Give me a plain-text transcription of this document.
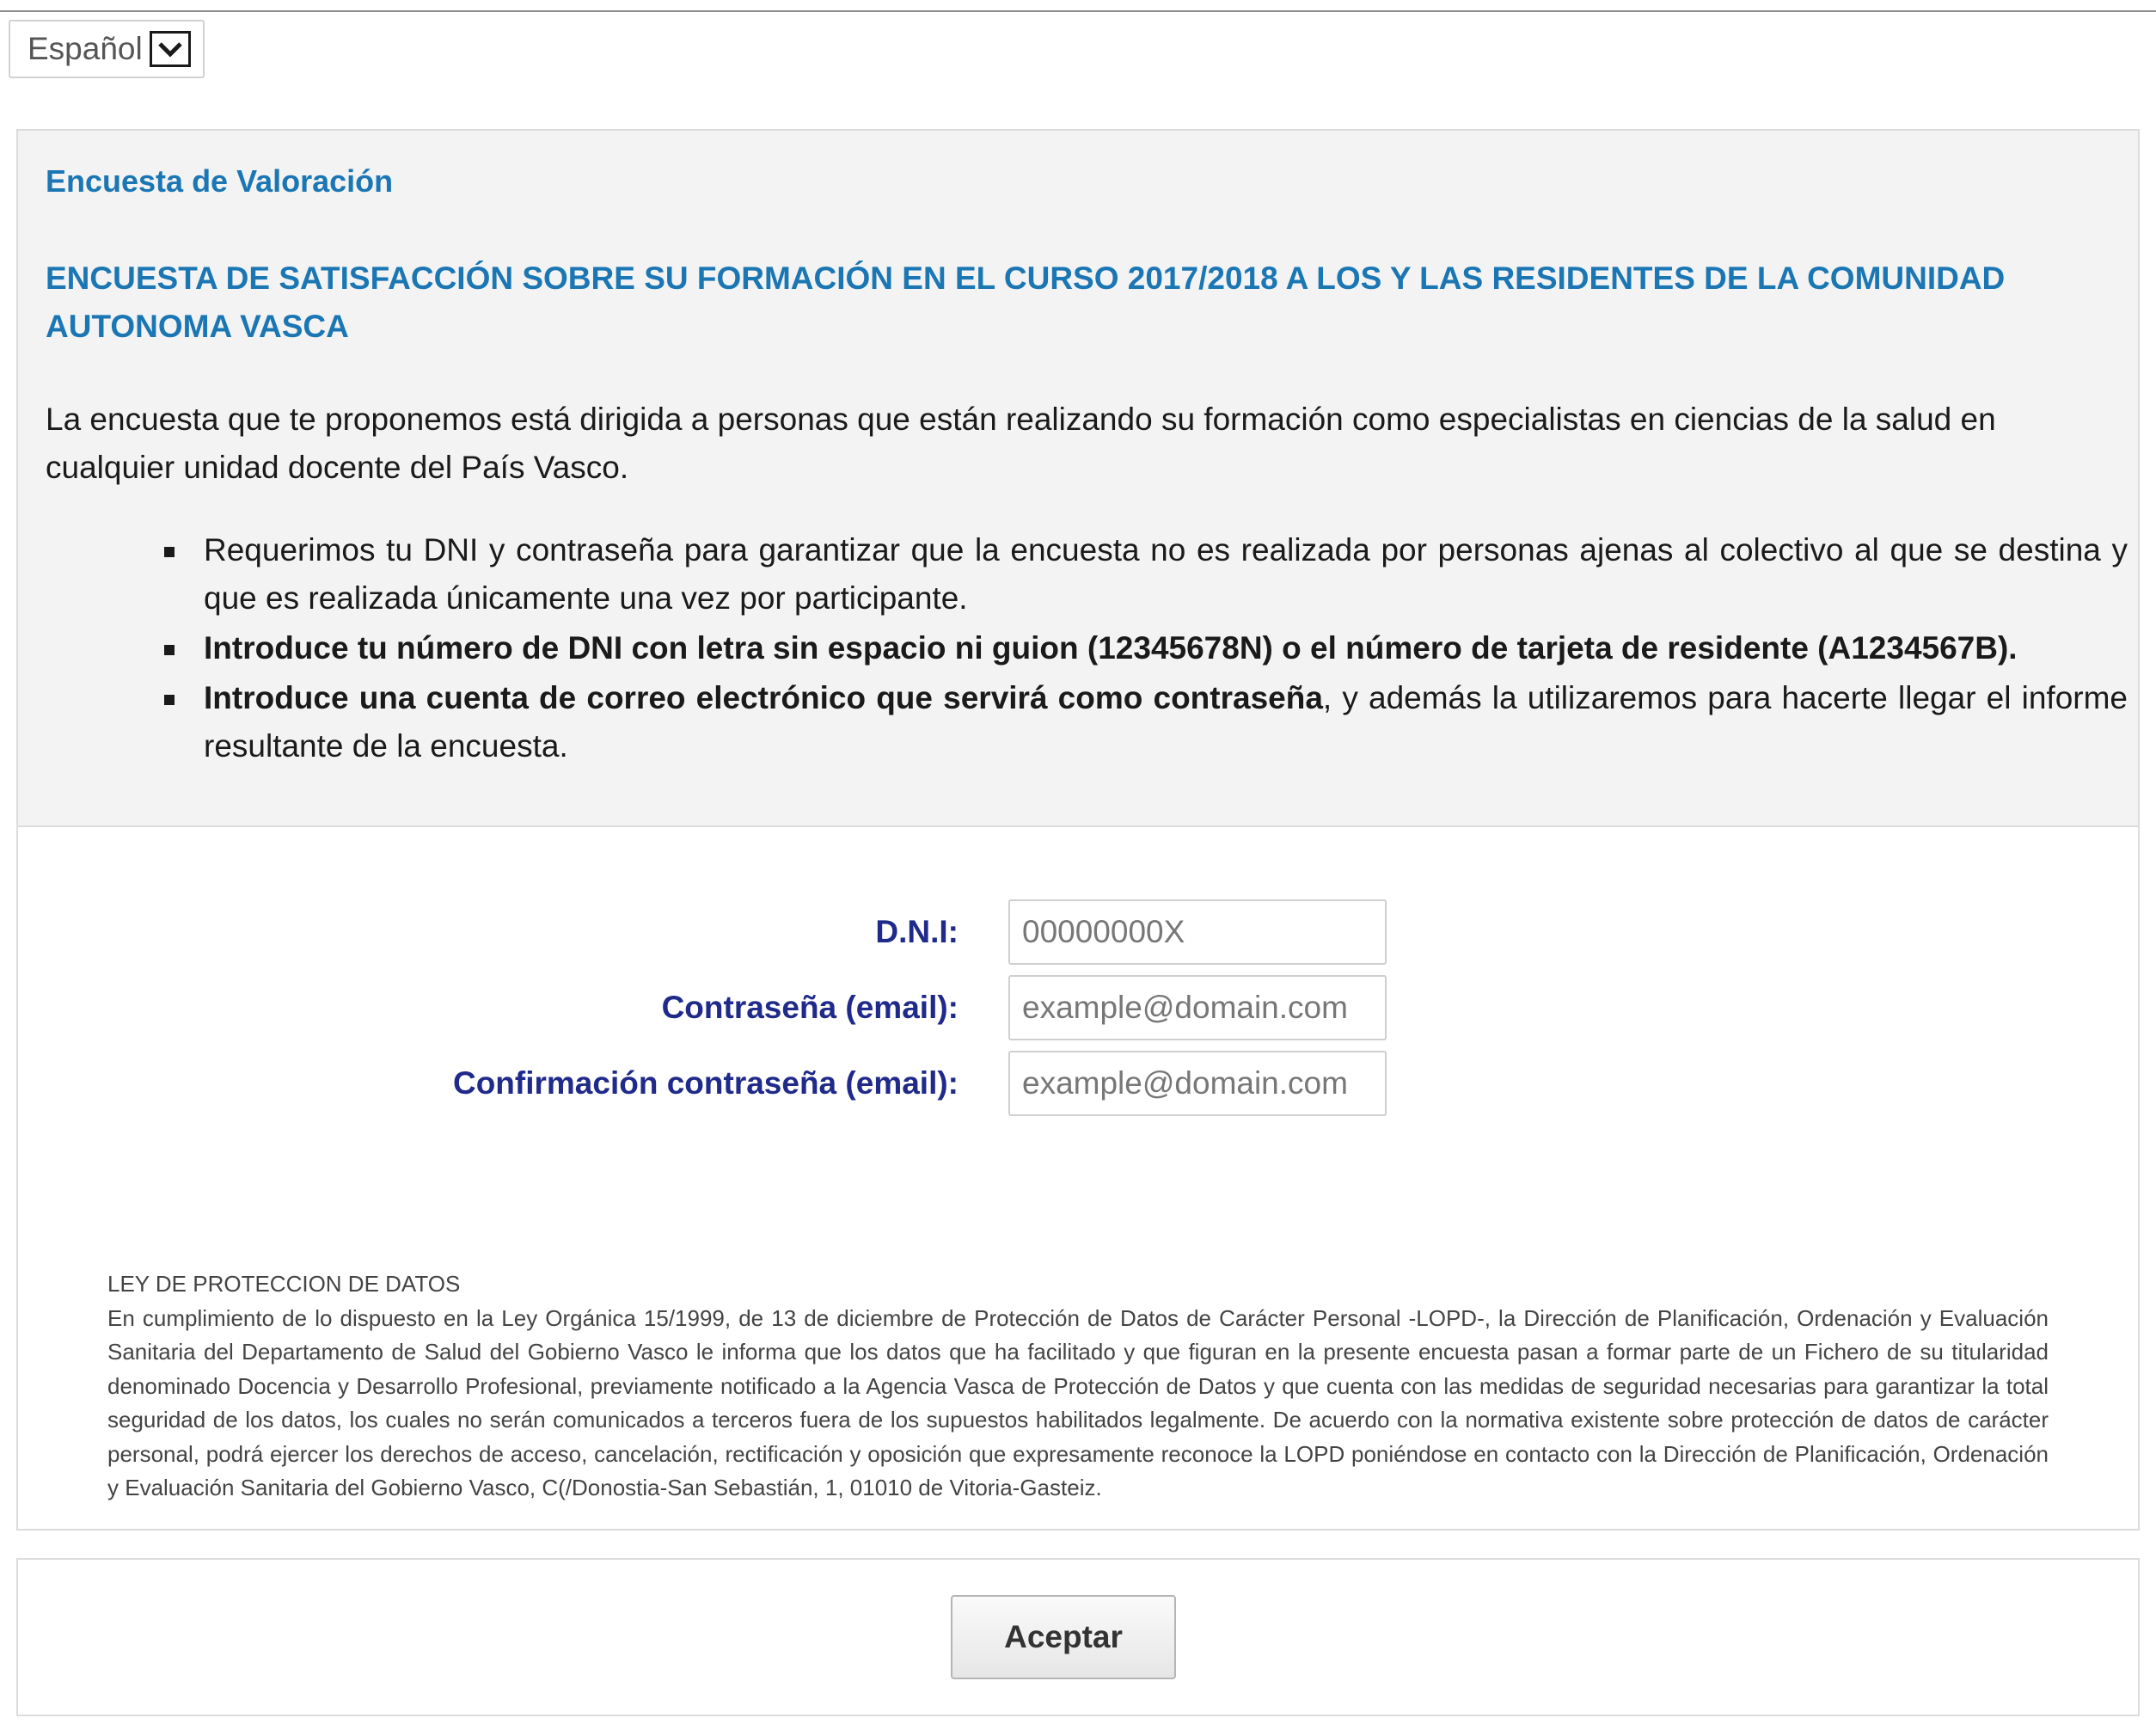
Español
Encuesta de Valoración
ENCUESTA DE SATISFACCIÓN SOBRE SU FORMACIÓN EN EL CURSO 2017/2018 A LOS Y LAS RESIDENTES DE LA COMUNIDAD AUTONOMA VASCA

La encuesta que te proponemos está dirigida a personas que están realizando su formación como especialistas en ciencias de la salud en cualquier unidad docente del País Vasco.

Requerimos tu DNI y contraseña para garantizar que la encuesta no es realizada por personas ajenas al colectivo al que se destina y que es realizada únicamente una vez por participante.
Introduce tu número de DNI con letra sin espacio ni guion (12345678N) o el número de tarjeta de residente (A1234567B).
Introduce una cuenta de correo electrónico que servirá como contraseña, y además la utilizaremos para hacerte llegar el informe resultante de la encuesta.
D.N.I:
00000000X
Contraseña (email):
example@domain.com
Confirmación contraseña (email):
example@domain.com
LEY DE PROTECCION DE DATOS
En cumplimiento de lo dispuesto en la Ley Orgánica 15/1999, de 13 de diciembre de Protección de Datos de Carácter Personal -LOPD-, la Dirección de Planificación, Ordenación y Evaluación Sanitaria del Departamento de Salud del Gobierno Vasco le informa que los datos que ha facilitado y que figuran en la presente encuesta pasan a formar parte de un Fichero de su titularidad denominado Docencia y Desarrollo Profesional, previamente notificado a la Agencia Vasca de Protección de Datos y que cuenta con las medidas de seguridad necesarias para garantizar la total seguridad de los datos, los cuales no serán comunicados a terceros fuera de los supuestos habilitados legalmente. De acuerdo con la normativa existente sobre protección de datos de carácter personal, podrá ejercer los derechos de acceso, cancelación, rectificación y oposición que expresamente reconoce la LOPD poniéndose en contacto con la Dirección de Planificación, Ordenación y Evaluación Sanitaria del Gobierno Vasco, C(/Donostia-San Sebastián, 1, 01010 de Vitoria-Gasteiz.
Aceptar
